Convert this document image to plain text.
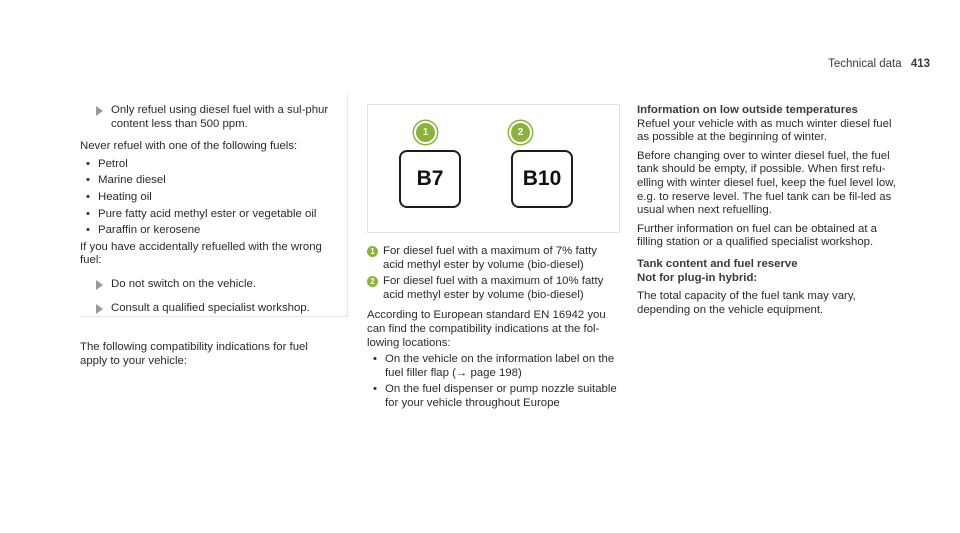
Technical data 413

Only refuel using diesel fuel with a sul-phur content less than 500 ppm.

Never refuel with one of the following fuels:

• Petrol
• Marine diesel
• Heating oil
• Pure fatty acid methyl ester or vegetable oil
• Paraffin or kerosene

If you have accidentally refuelled with the wrong fuel:

Do not switch on the vehicle.

Consult a qualified specialist workshop.

The following compatibility indications for fuel apply to your vehicle:

1
B7
2
B10
1 For diesel fuel with a maximum of 7% fatty acid methyl ester by volume (bio-diesel)

2 For diesel fuel with a maximum of 10% fatty acid methyl ester by volume (bio-diesel)

According to European standard EN 16942 you can find the compatibility indications at the fol-lowing locations:

• On the vehicle on the information label on the fuel filler flap (→ page 198)
• On the fuel dispenser or pump nozzle suitable for your vehicle throughout Europe

Information on low outside temperatures

Refuel your vehicle with as much winter diesel fuel as possible at the beginning of winter.

Before changing over to winter diesel fuel, the fuel tank should be empty, if possible. When first refu-elling with winter diesel fuel, keep the fuel level low, e.g. to reserve level. The fuel tank can be fil-led as usual when next refuelling.

Further information on fuel can be obtained at a filling station or a qualified specialist workshop.

Tank content and fuel reserve

Not for plug-in hybrid:

The total capacity of the fuel tank may vary, depending on the vehicle equipment.
